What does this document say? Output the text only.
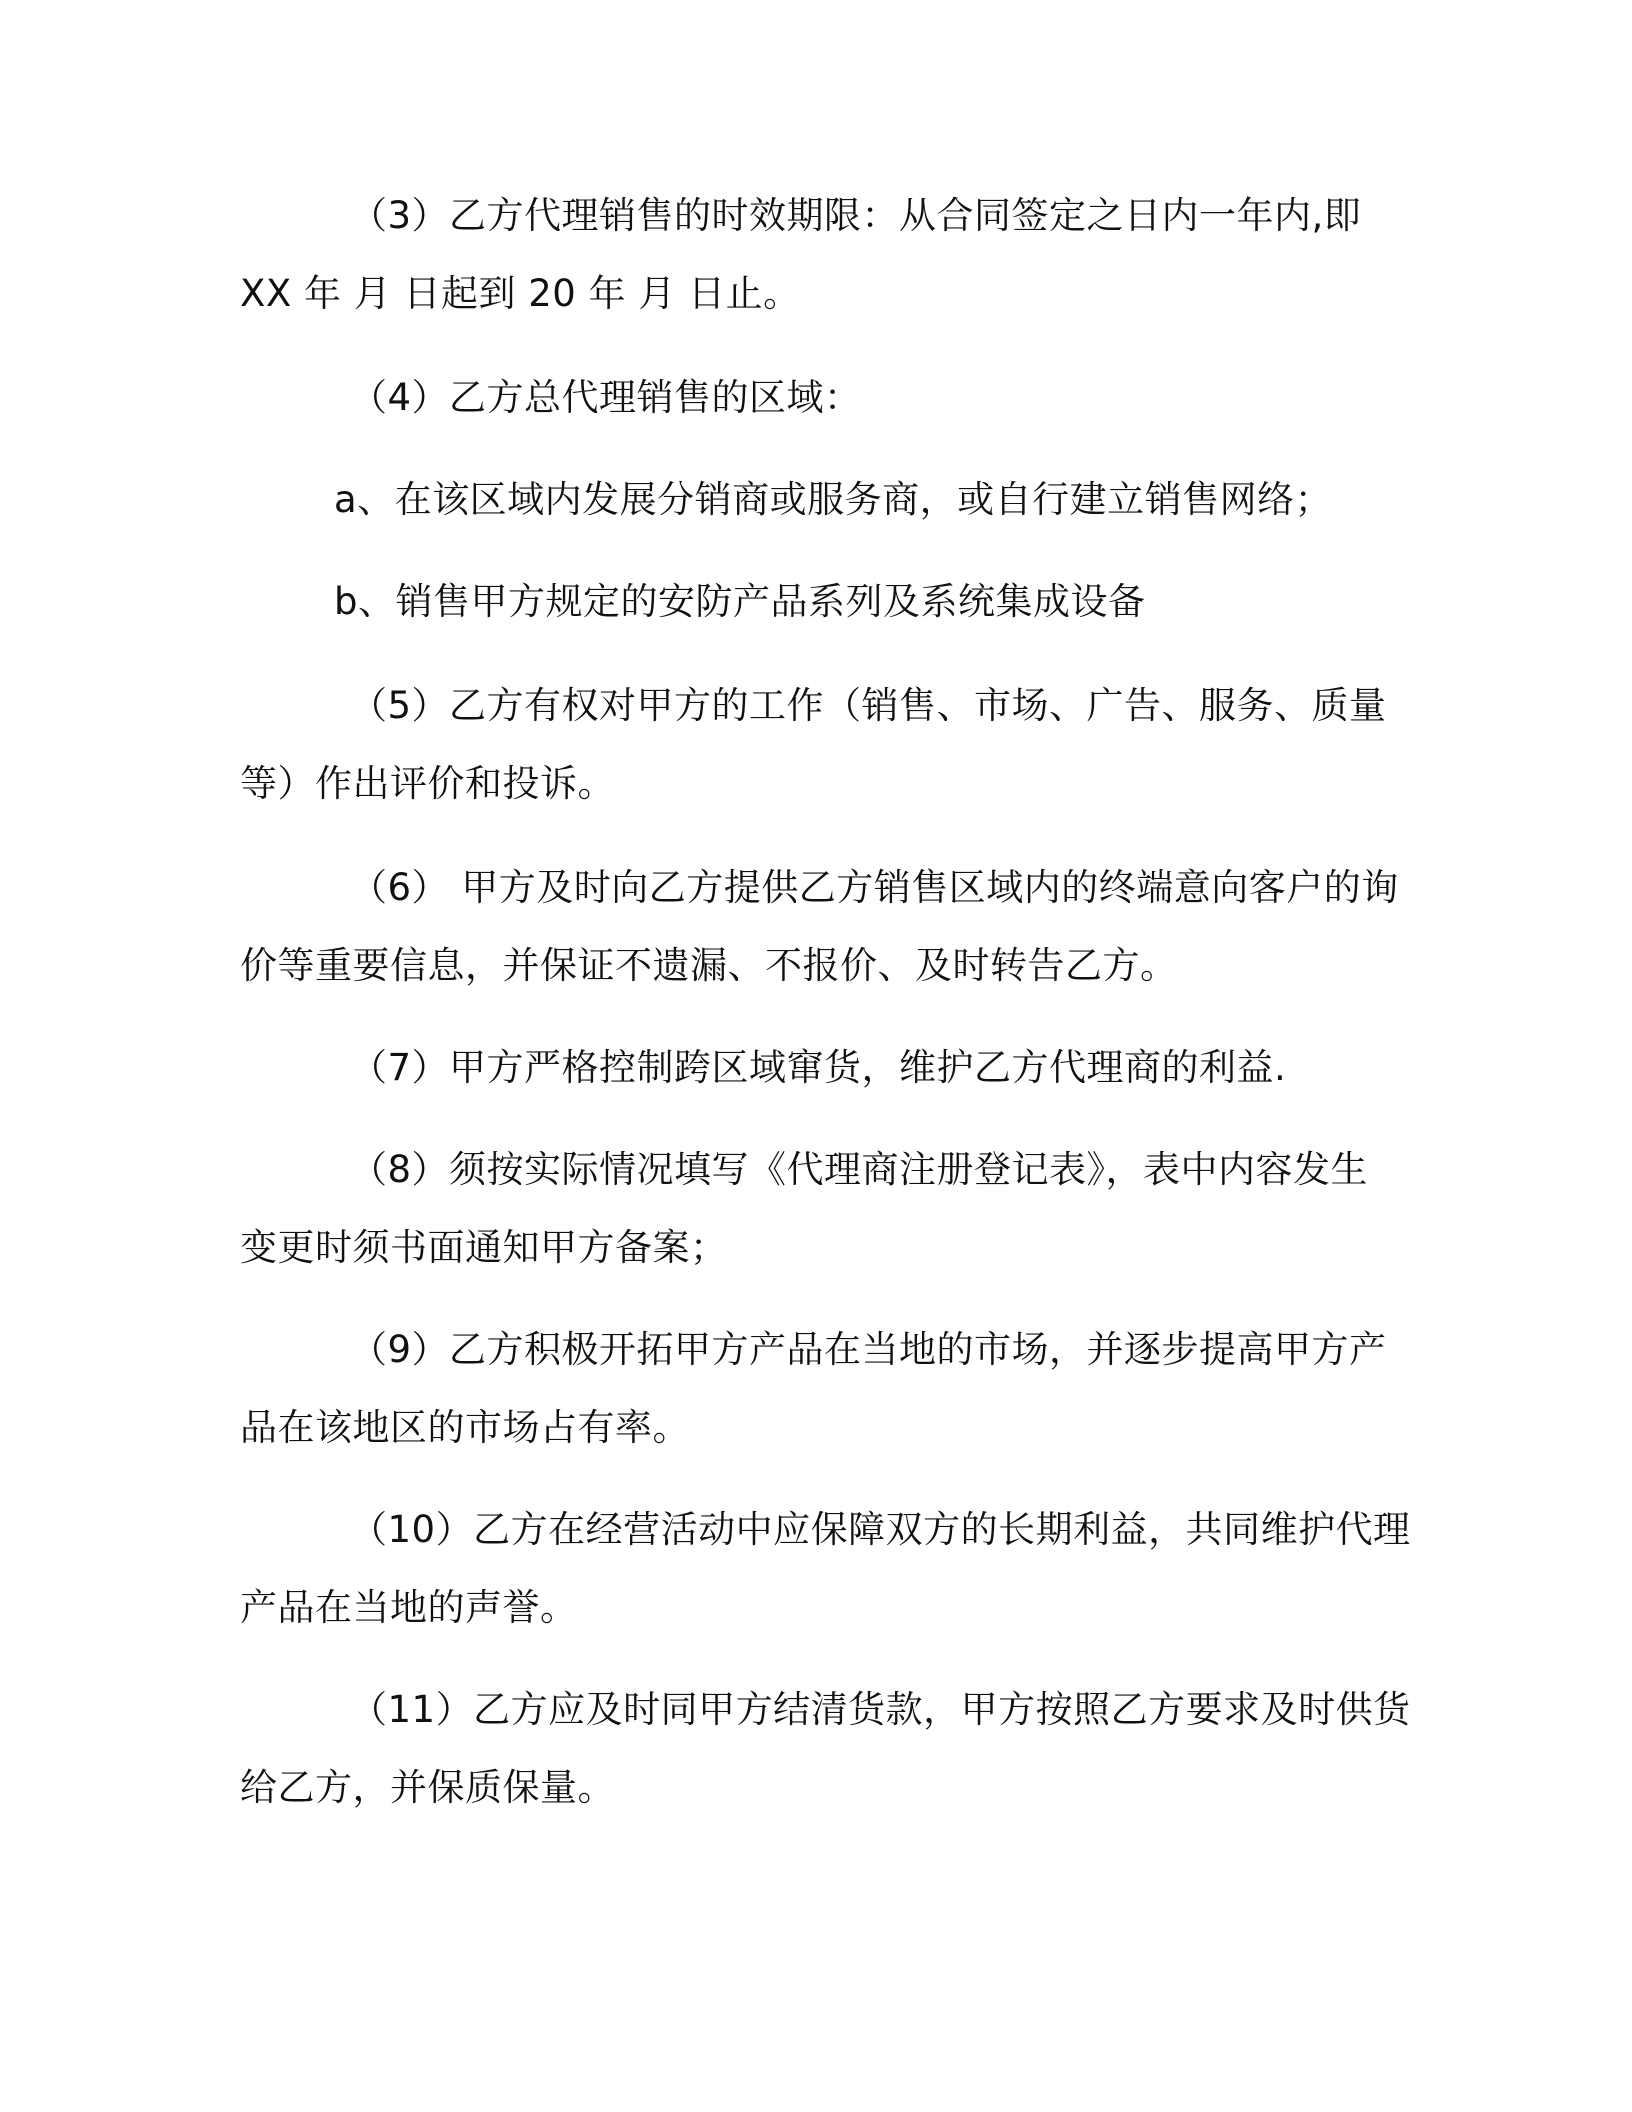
（3）乙方代理销售的时效期限：从合同签定之日内一年内,即
XX 年 月 日起到 20 年 月 日止。
（4）乙方总代理销售的区域：
a、在该区域内发展分销商或服务商，或自行建立销售网络；
b、销售甲方规定的安防产品系列及系统集成设备
（5）乙方有权对甲方的工作（销售、市场、广告、服务、质量
等）作出评价和投诉。
（6） 甲方及时向乙方提供乙方销售区域内的终端意向客户的询
价等重要信息，并保证不遗漏、不报价、及时转告乙方。
（7）甲方严格控制跨区域窜货，维护乙方代理商的利益.
（8）须按实际情况填写《代理商注册登记表》，表中内容发生
变更时须书面通知甲方备案；
（9）乙方积极开拓甲方产品在当地的市场，并逐步提高甲方产
品在该地区的市场占有率。
（10）乙方在经营活动中应保障双方的长期利益，共同维护代理
产品在当地的声誉。
（11）乙方应及时同甲方结清货款，甲方按照乙方要求及时供货
给乙方，并保质保量。
